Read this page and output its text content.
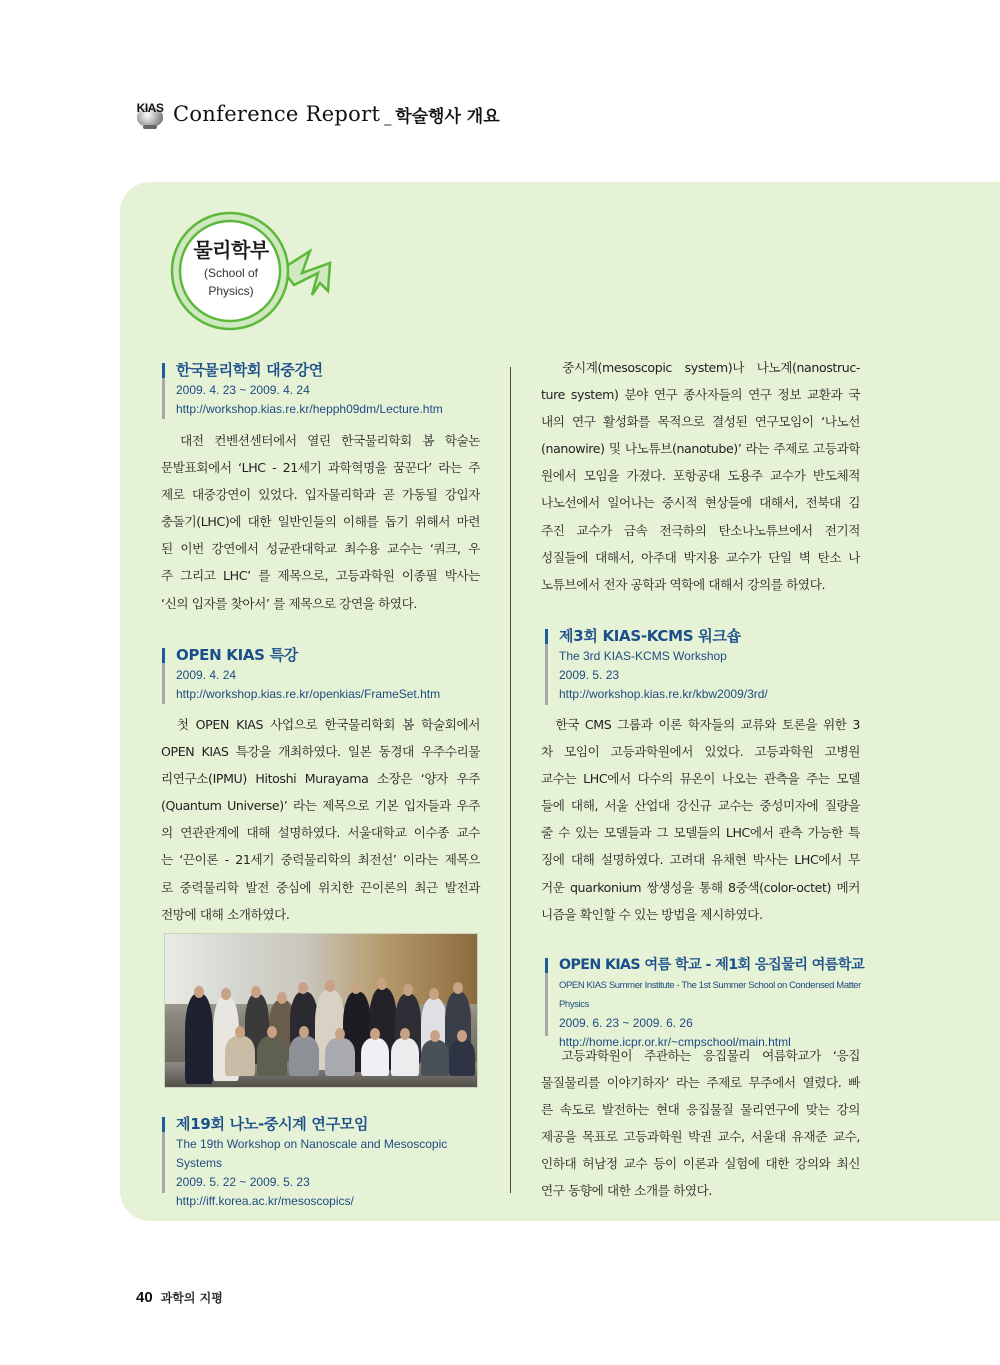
KIAS Conference Report _ 학술행사 개요
물리학부
(School of
Physics)
한국물리학회 대중강연
2009. 4. 23 ~ 2009. 4. 24
http://workshop.kias.re.kr/hepph09dm/Lecture.htm
　대전 컨벤션센터에서 열린 한국물리학회 봄 학술논
문발표회에서 ‘LHC - 21세기 과학혁명을 꿈꾼다’ 라는 주
제로 대중강연이 있었다. 입자물리학과 곧 가동될 강입자
충돌기(LHC)에 대한 일반인들의 이해를 돕기 위해서 마련
된 이번 강연에서 성균관대학교 최수용 교수는 ‘쿼크, 우
주 그리고 LHC’ 를 제목으로, 고등과학원 이종필 박사는
‘신의 입자를 찾아서’ 를 제목으로 강연을 하였다.
OPEN KIAS 특강
2009. 4. 24
http://workshop.kias.re.kr/openkias/FrameSet.htm
　첫 OPEN KIAS 사업으로 한국물리학회 봄 학술회에서
OPEN KIAS 특강을 개최하였다. 일본 동경대 우주수리물
리연구소(IPMU) Hitoshi Murayama 소장은 ‘양자 우주
(Quantum Universe)’ 라는 제목으로 기본 입자들과 우주
의 연관관계에 대해 설명하였다. 서울대학교 이수종 교수
는 ‘끈이론 - 21세기 중력물리학의 최전선’ 이라는 제목으
로 중력물리학 발전 중심에 위치한 끈이론의 최근 발전과
전망에 대해 소개하였다.
제19회 나노-중시계 연구모임
The 19th Workshop on Nanoscale and Mesoscopic Systems
2009. 5. 22 ~ 2009. 5. 23
http://iff.korea.ac.kr/mesoscopics/
　중시계(mesoscopic system)나 나노계(nanostruc-
ture system) 분야 연구 종사자들의 연구 정보 교환과 국
내의 연구 활성화를 목적으로 결성된 연구모임이 ‘나노선
(nanowire) 및 나노튜브(nanotube)’ 라는 주제로 고등과학
원에서 모임을 가졌다. 포항공대 도용주 교수가 반도체적
나노선에서 일어나는 중시적 현상들에 대해서, 전북대 김
주진 교수가 금속 전극하의 탄소나노튜브에서 전기적
성질들에 대해서, 아주대 박지용 교수가 단일 벽 탄소 나
노튜브에서 전자 공학과 역학에 대해서 강의를 하였다.
제3회 KIAS-KCMS 워크숍
The 3rd KIAS-KCMS Workshop
2009. 5. 23
http://workshop.kias.re.kr/kbw2009/3rd/
　한국 CMS 그룹과 이론 학자들의 교류와 토론을 위한 3
차 모임이 고등과학원에서 있었다. 고등과학원 고병원
교수는 LHC에서 다수의 뮤온이 나오는 관측을 주는 모델
들에 대해, 서울 산업대 강신규 교수는 중성미자에 질량을
줄 수 있는 모델들과 그 모델들의 LHC에서 관측 가능한 특
징에 대해 설명하였다. 고려대 유채현 박사는 LHC에서 무
거운 quarkonium 쌍생성을 통해 8중색(color-octet) 메커
니즘을 확인할 수 있는 방법을 제시하였다.
OPEN KIAS 여름 학교 - 제1회 응집물리 여름학교
OPEN KIAS Summer Institute - The 1st Summer School on Condensed Matter Physics
2009. 6. 23 ~ 2009. 6. 26
http://home.icpr.or.kr/~cmpschool/main.html
　고등과학원이 주관하는 응집물리 여름학교가 ‘응집
물질물리를 이야기하자’ 라는 주제로 무주에서 열렸다. 빠
른 속도로 발전하는 현대 응집물질 물리연구에 맞는 강의
제공을 목표로 고등과학원 박권 교수, 서울대 유재준 교수,
인하대 허남정 교수 등이 이론과 실험에 대한 강의와 최신
연구 동향에 대한 소개를 하였다.
40 과학의 지평
